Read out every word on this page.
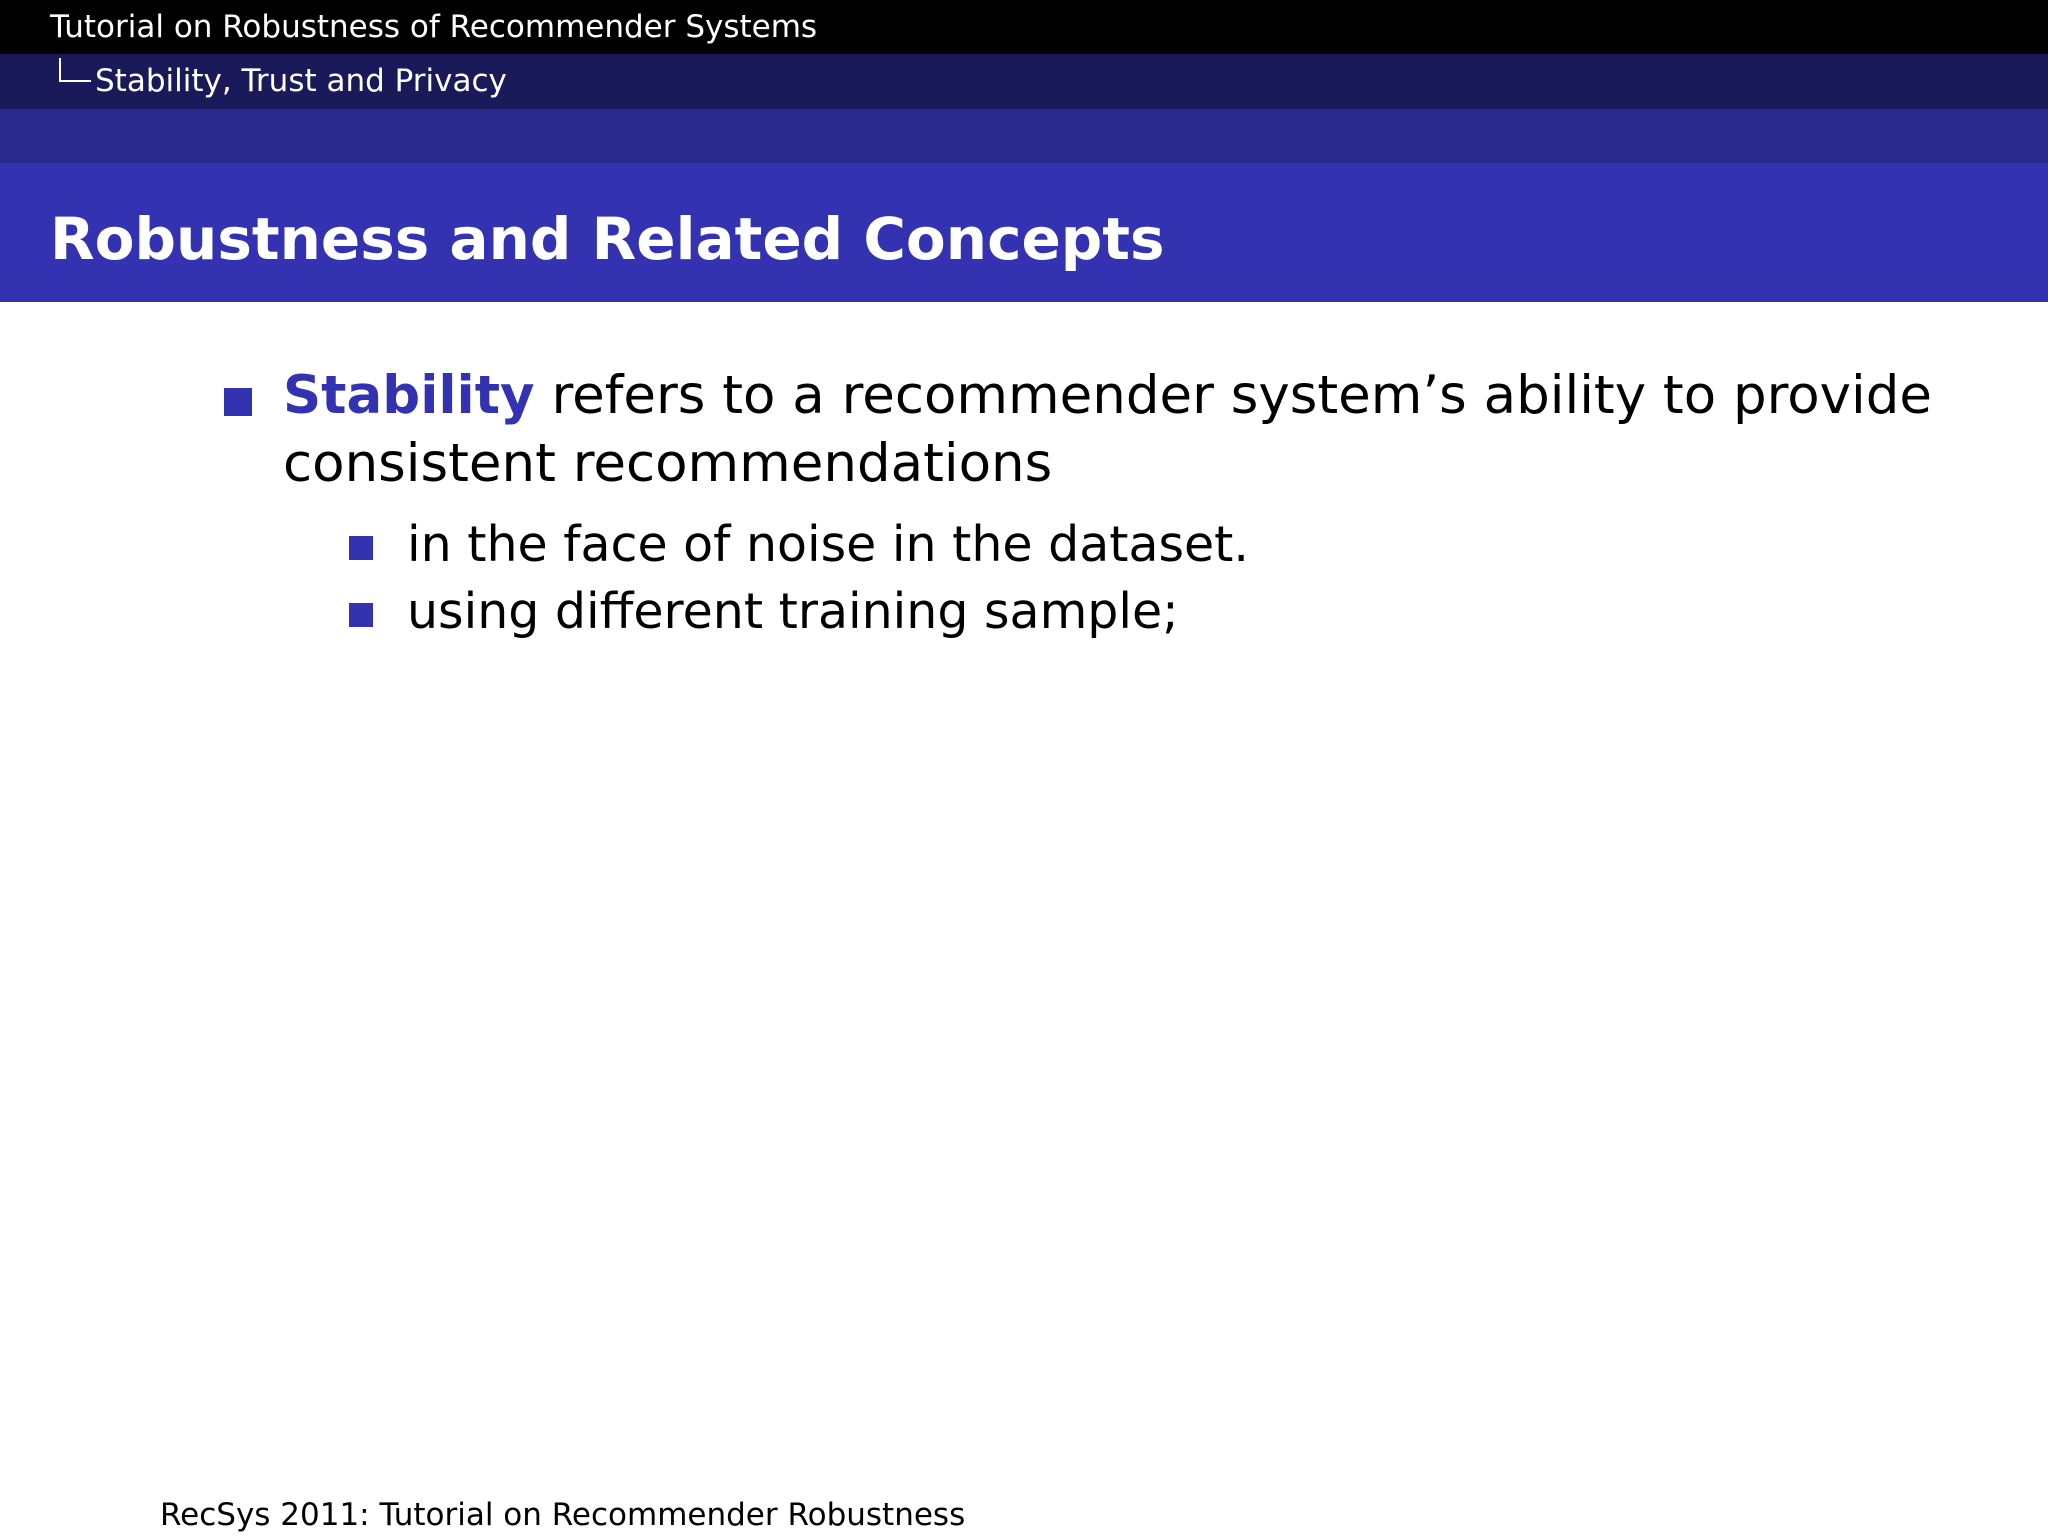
Tutorial on Robustness of Recommender Systems
Stability, Trust and Privacy
Robustness and Related Concepts
Stability refers to a recommender system’s ability to provide consistent recommendations
in the face of noise in the dataset.
using different training sample;
RecSys 2011: Tutorial on Recommender Robustness
